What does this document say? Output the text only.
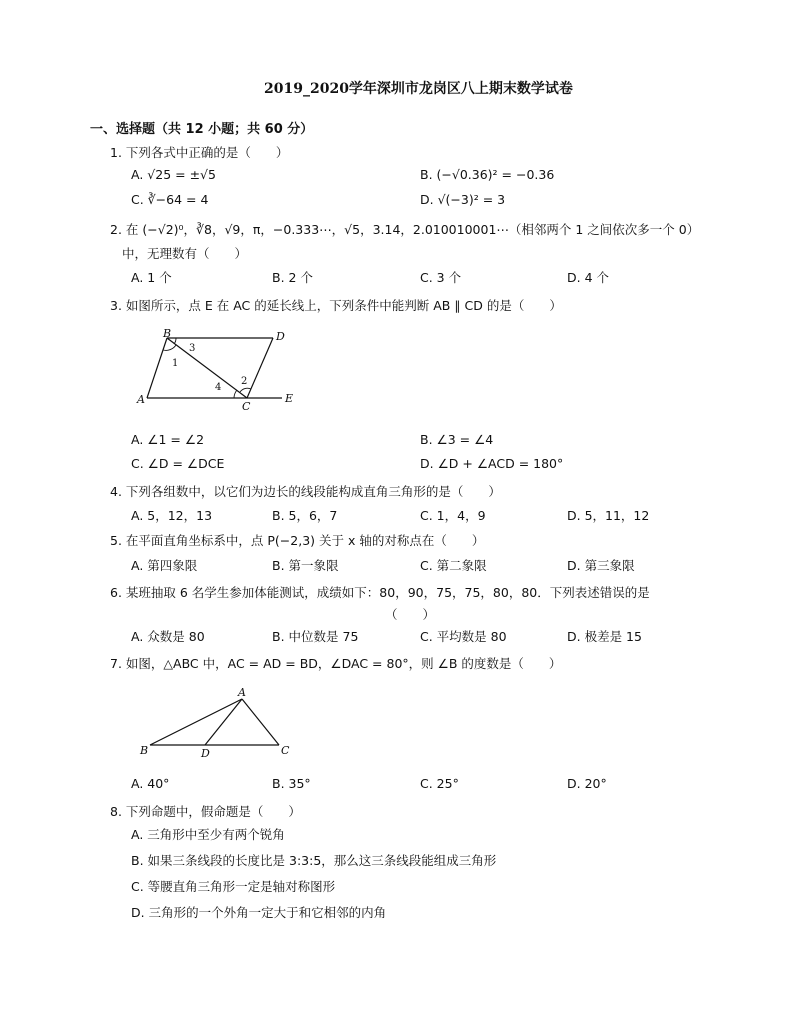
2019_2020学年深圳市龙岗区八上期末数学试卷
一、选择题（共 12 小题；共 60 分）
1. 下列各式中正确的是（　　）
A. √25 = ±√5	B. (−√0.36)² = −0.36
C. ∛−64 = 4	D. √(−3)² = 3
2. 在 (−√2)⁰，∛8，√9，π，−0.333⋯，√5，3.14，2.010010001⋯（相邻两个 1 之间依次多一个 0）
中，无理数有（　　）
A. 1 个	B. 2 个	C. 3 个	D. 4 个
3. 如图所示，点 E 在 AC 的延长线上，下列条件中能判断 AB ∥ CD 的是（　　）
B	D
A
C
E
1
3
4
2
A. ∠1 = ∠2	B. ∠3 = ∠4
C. ∠D = ∠DCE	D. ∠D + ∠ACD = 180°
4. 下列各组数中，以它们为边长的线段能构成直角三角形的是（　　）
A. 5，12，13	B. 5，6，7	C. 1，4，9	D. 5，11，12
5. 在平面直角坐标系中，点 P(−2,3) 关于 x 轴的对称点在（　　）
A. 第四象限	B. 第一象限	C. 第二象限	D. 第三象限
6. 某班抽取 6 名学生参加体能测试，成绩如下：80，90，75，75，80，80．下列表述错误的是
（　　）
A. 众数是 80	B. 中位数是 75	C. 平均数是 80	D. 极差是 15
7. 如图，△ABC 中，AC = AD = BD，∠DAC = 80°，则 ∠B 的度数是（　　）
A
B	C
D
A. 40°	B. 35°	C. 25°	D. 20°
8. 下列命题中，假命题是（　　）
A. 三角形中至少有两个锐角
B. 如果三条线段的长度比是 3:3:5，那么这三条线段能组成三角形
C. 等腰直角三角形一定是轴对称图形
D. 三角形的一个外角一定大于和它相邻的内角
